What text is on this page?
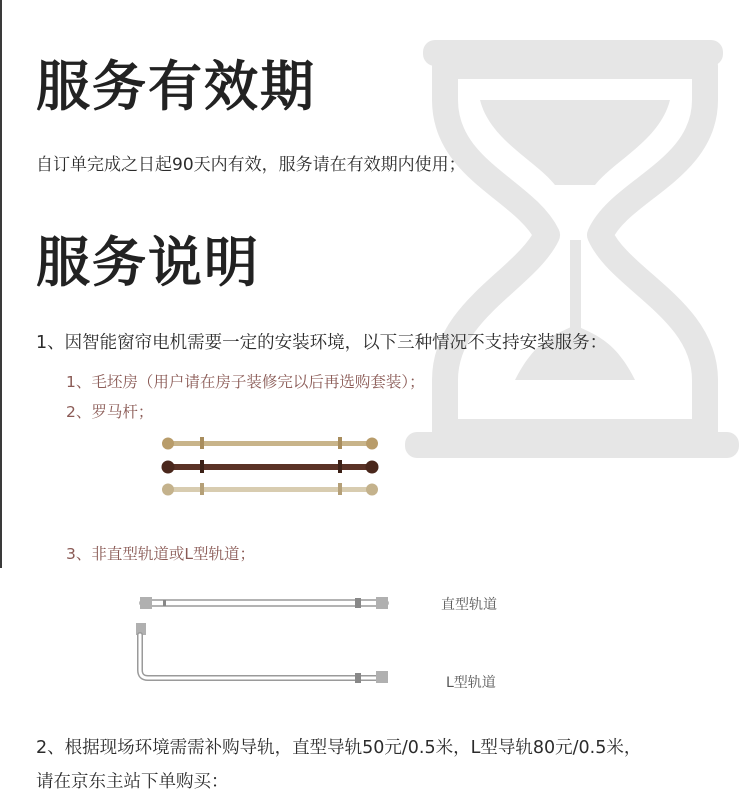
服务有效期
自订单完成之日起90天内有效，服务请在有效期内使用；
服务说明
1、因智能窗帘电机需要一定的安装环境，以下三种情况不支持安装服务：
1、毛坯房（用户请在房子装修完以后再选购套装）；
2、罗马杆；
3、非直型轨道或L型轨道；
直型轨道
L型轨道
2、根据现场环境需需补购导轨，直型导轨50元/0.5米，L型导轨80元/0.5米，
请在京东主站下单购买：
